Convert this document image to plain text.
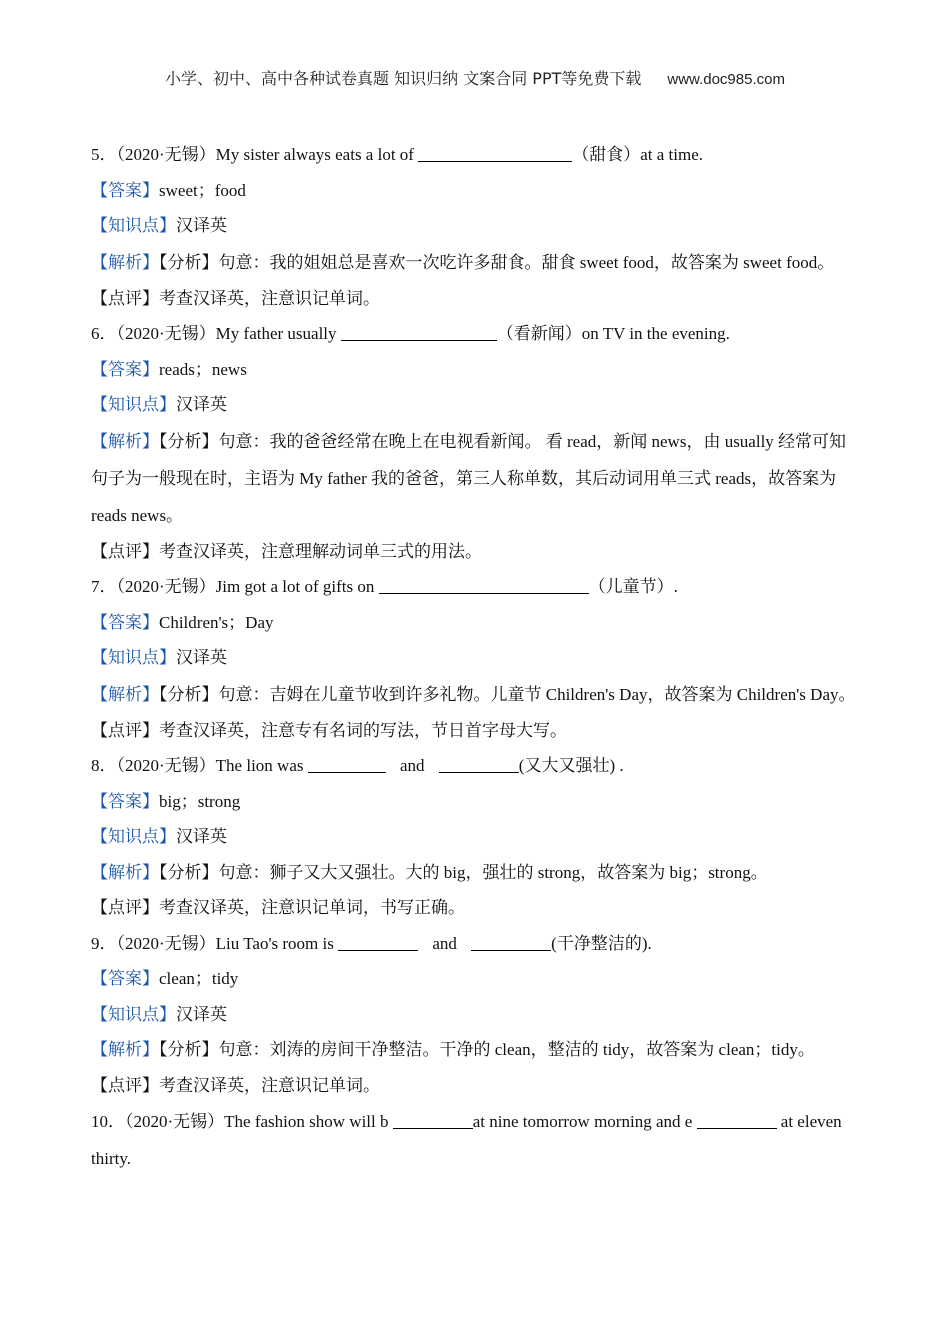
小学、初中、高中各种试卷真题 知识归纳 文案合同 PPT等免费下载 www.doc985.com
5．（2020·无锡）My sister always eats a lot of	（甜食）at a time.
【答案】sweet；food
【知识点】汉译英
【解析】【分析】句意：我的姐姐总是喜欢一次吃许多甜食。甜食 sweet food，故答案为 sweet food。
【点评】考查汉译英，注意识记单词。
6．（2020·无锡）My father usually	（看新闻）on TV in the evening.
【答案】reads；news
【知识点】汉译英
【解析】【分析】句意：我的爸爸经常在晚上在电视看新闻。 看 read，新闻 news，由 usually 经常可知句子为一般现在时，主语为 My father 我的爸爸，第三人称单数，其后动词用单三式 reads，故答案为 reads news。
【点评】考查汉译英，注意理解动词单三式的用法。
7．（2020·无锡）Jim got a lot of gifts on	（儿童节）.
【答案】Children's；Day
【知识点】汉译英
【解析】【分析】句意：吉姆在儿童节收到许多礼物。儿童节 Children's Day，故答案为 Children's Day。
【点评】考查汉译英，注意专有名词的写法，节日首字母大写。
8．（2020·无锡）The lion was	and	(又大又强壮) .
【答案】big；strong
【知识点】汉译英
【解析】【分析】句意：狮子又大又强壮。大的 big，强壮的 strong，故答案为 big；strong。
【点评】考查汉译英，注意识记单词，书写正确。
9．（2020·无锡）Liu Tao's room is	and	(干净整洁的).
【答案】clean；tidy
【知识点】汉译英
【解析】【分析】句意：刘涛的房间干净整洁。干净的 clean，整洁的 tidy，故答案为 clean；tidy。
【点评】考查汉译英，注意识记单词。
10．（2020·无锡）The fashion show will b	at nine tomorrow morning and e	at eleven thirty.
